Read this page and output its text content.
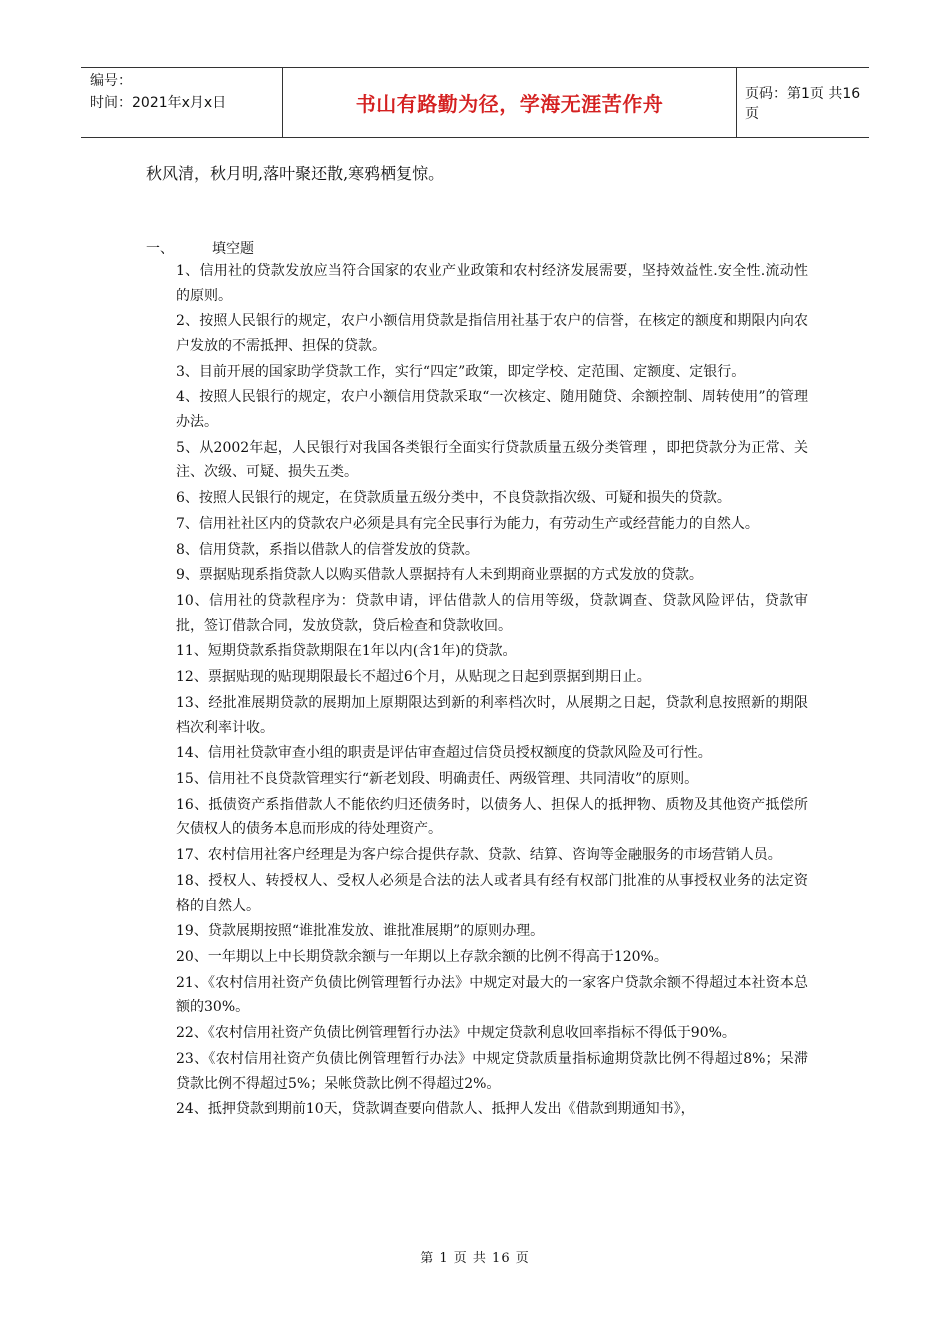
编号：
时间：2021年x月x日	书山有路勤为径，学海无涯苦作舟	页码：第1页 共16页
秋风清，秋月明,落叶聚还散,寒鸦栖复惊。
一、	填空题
1、信用社的贷款发放应当符合国家的农业产业政策和农村经济发展需要，坚持效益性.安全性.流动性的原则。
2、按照人民银行的规定，农户小额信用贷款是指信用社基于农户的信誉，在核定的额度和期限内向农户发放的不需抵押、担保的贷款。
3、目前开展的国家助学贷款工作，实行“四定”政策，即定学校、定范围、定额度、定银行。
4、按照人民银行的规定，农户小额信用贷款采取“一次核定、随用随贷、余额控制、周转使用”的管理办法。
5、从2002年起，人民银行对我国各类银行全面实行贷款质量五级分类管理 ，即把贷款分为正常、关注、次级、可疑、损失五类。
6、按照人民银行的规定，在贷款质量五级分类中，不良贷款指次级、可疑和损失的贷款。
7、信用社社区内的贷款农户必须是具有完全民事行为能力，有劳动生产或经营能力的自然人。
8、信用贷款，系指以借款人的信誉发放的贷款。
9、票据贴现系指贷款人以购买借款人票据持有人未到期商业票据的方式发放的贷款。
10、信用社的贷款程序为：贷款申请，评估借款人的信用等级，贷款调查、贷款风险评估，贷款审批，签订借款合同，发放贷款，贷后检查和贷款收回。
11、短期贷款系指贷款期限在1年以内(含1年)的贷款。
12、票据贴现的贴现期限最长不超过6个月，从贴现之日起到票据到期日止。
13、经批准展期贷款的展期加上原期限达到新的利率档次时，从展期之日起，贷款利息按照新的期限档次利率计收。
14、信用社贷款审查小组的职责是评估审查超过信贷员授权额度的贷款风险及可行性。
15、信用社不良贷款管理实行“新老划段、明确责任、两级管理、共同清收”的原则。
16、抵债资产系指借款人不能依约归还债务时，以债务人、担保人的抵押物、质物及其他资产抵偿所欠债权人的债务本息而形成的待处理资产。
17、农村信用社客户经理是为客户综合提供存款、贷款、结算、咨询等金融服务的市场营销人员。
18、授权人、转授权人、受权人必须是合法的法人或者具有经有权部门批准的从事授权业务的法定资格的自然人。
19、贷款展期按照“谁批准发放、谁批准展期”的原则办理。
20、一年期以上中长期贷款余额与一年期以上存款余额的比例不得高于120%。
21、《农村信用社资产负债比例管理暂行办法》中规定对最大的一家客户贷款余额不得超过本社资本总额的30%。
22、《农村信用社资产负债比例管理暂行办法》中规定贷款利息收回率指标不得低于90%。
23、《农村信用社资产负债比例管理暂行办法》中规定贷款质量指标逾期贷款比例不得超过8%；呆滞贷款比例不得超过5%；呆帐贷款比例不得超过2%。
24、抵押贷款到期前10天，贷款调查要向借款人、抵押人发出《借款到期通知书》，
第 1 页 共 16 页
